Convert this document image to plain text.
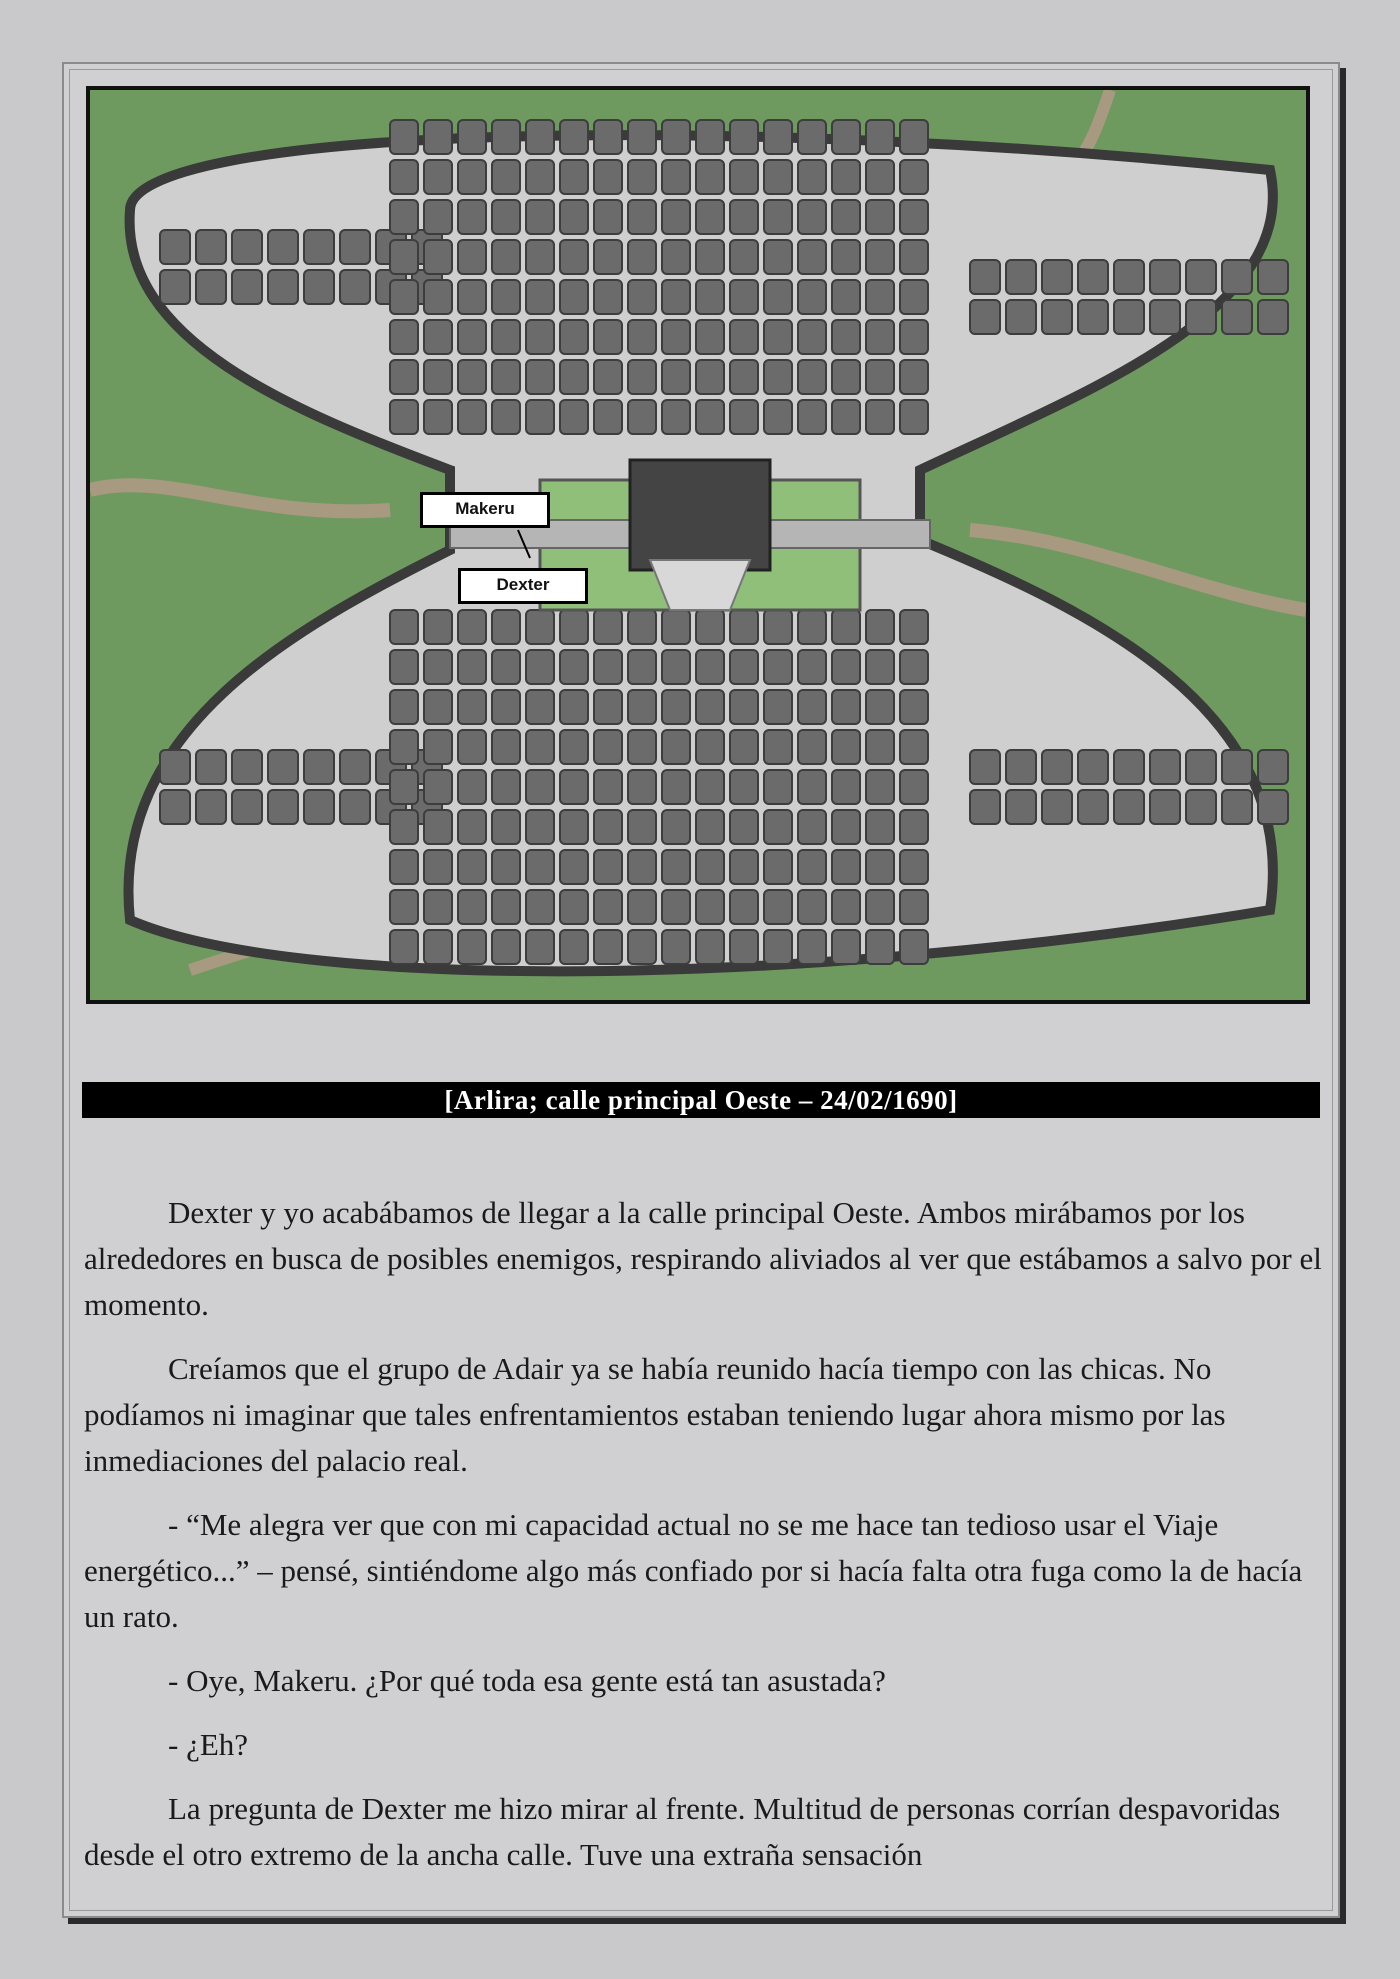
Makeru
Dexter
[Arlira; calle principal Oeste – 24/02/1690]

Dexter y yo acabábamos de llegar a la calle principal Oeste. Ambos mirábamos por los alrededores en busca de posibles enemigos, respirando aliviados al ver que estábamos a salvo por el momento.

Creíamos que el grupo de Adair ya se había reunido hacía tiempo con las chicas. No podíamos ni imaginar que tales enfrentamientos estaban teniendo lugar ahora mismo por las inmediaciones del palacio real.

- “Me alegra ver que con mi capacidad actual no se me hace tan tedioso usar el Viaje energético...” – pensé, sintiéndome algo más confiado por si hacía falta otra fuga como la de hacía un rato.

- Oye, Makeru. ¿Por qué toda esa gente está tan asustada?

- ¿Eh?

La pregunta de Dexter me hizo mirar al frente. Multitud de personas corrían despavoridas desde el otro extremo de la ancha calle. Tuve una extraña sensación
